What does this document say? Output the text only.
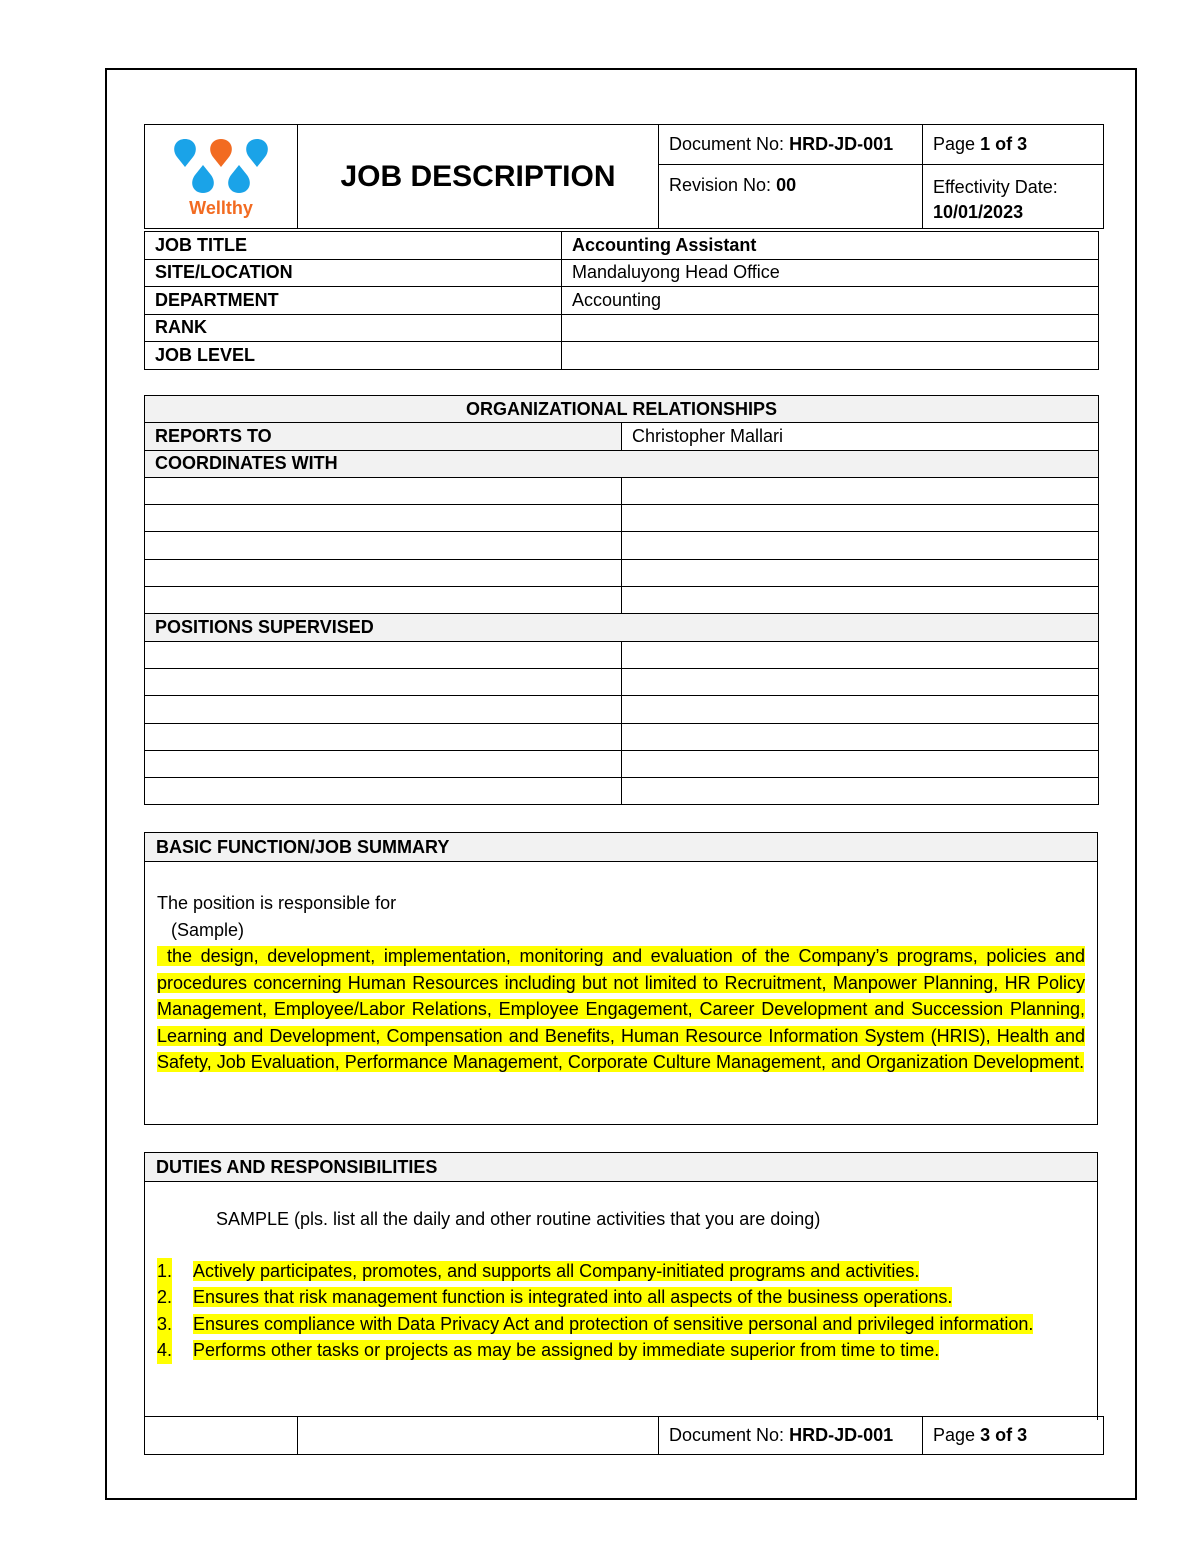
Wellthy	JOB DESCRIPTION	Document No: HRD-JD-001	Page 1 of 3
		Revision No: 00	Effectivity Date:
10/01/2023
JOB TITLE	Accounting Assistant
SITE/LOCATION	Mandaluyong Head Office
DEPARTMENT	Accounting
RANK	
JOB LEVEL	
ORGANIZATIONAL RELATIONSHIPS	
REPORTS TO	Christopher Mallari
COORDINATES WITH	

POSITIONS SUPERVISED	

BASIC FUNCTION/JOB SUMMARY
The position is responsible for
(Sample)
the design, development, implementation, monitoring and evaluation of the Company’s programs, policies and procedures concerning Human Resources including but not limited to Recruitment, Manpower Planning, HR Policy Management, Employee/Labor Relations, Employee Engagement, Career Development and Succession Planning, Learning and Development, Compensation and Benefits, Human Resource Information System (HRIS), Health and Safety, Job Evaluation, Performance Management, Corporate Culture Management, and Organization Development.
DUTIES AND RESPONSIBILITIES
SAMPLE (pls. list all the daily and other routine activities that you are doing)
1. Actively participates, promotes, and supports all Company-initiated programs and activities.
2. Ensures that risk management function is integrated into all aspects of the business operations.
3. Ensures compliance with Data Privacy Act and protection of sensitive personal and privileged information.
4. Performs other tasks or projects as may be assigned by immediate superior from time to time.
		Document No: HRD-JD-001	Page 3 of 3
